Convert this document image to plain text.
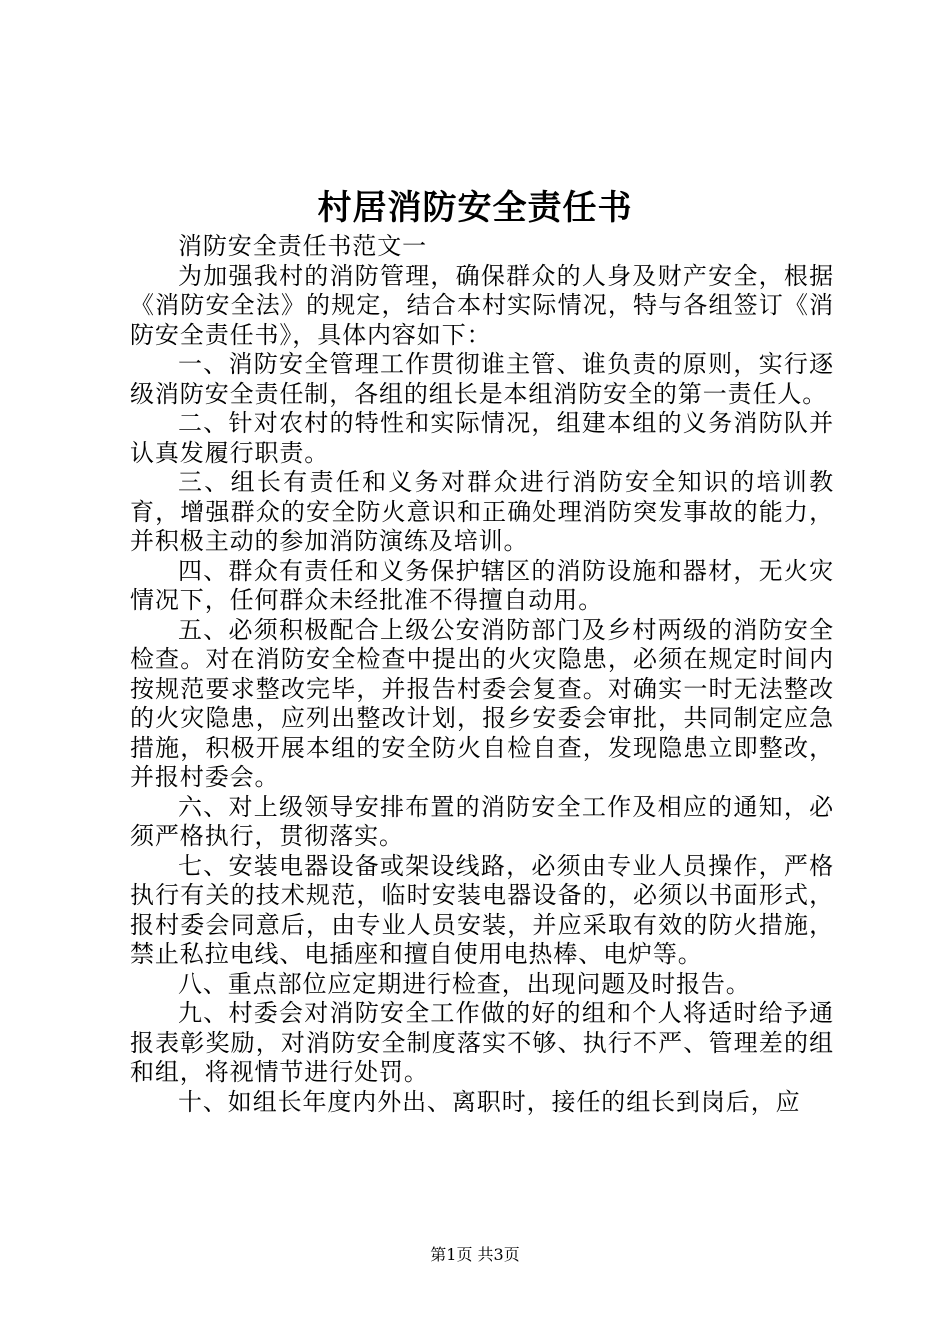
村居消防安全责任书

消防安全责任书范文一

为加强我村的消防管理，确保群众的人身及财产安全，根据《消防安全法》的规定，结合本村实际情况，特与各组签订《消防安全责任书》，具体内容如下：

一、消防安全管理工作贯彻谁主管、谁负责的原则，实行逐级消防安全责任制，各组的组长是本组消防安全的第一责任人。

二、针对农村的特性和实际情况，组建本组的义务消防队并认真发履行职责。

三、组长有责任和义务对群众进行消防安全知识的培训教育，增强群众的安全防火意识和正确处理消防突发事故的能力，并积极主动的参加消防演练及培训。

四、群众有责任和义务保护辖区的消防设施和器材，无火灾情况下，任何群众未经批准不得擅自动用。

五、必须积极配合上级公安消防部门及乡村两级的消防安全检查。对在消防安全检查中提出的火灾隐患，必须在规定时间内按规范要求整改完毕，并报告村委会复查。对确实一时无法整改的火灾隐患，应列出整改计划，报乡安委会审批，共同制定应急措施，积极开展本组的安全防火自检自查，发现隐患立即整改，并报村委会。

六、对上级领导安排布置的消防安全工作及相应的通知，必须严格执行，贯彻落实。

七、安装电器设备或架设线路，必须由专业人员操作，严格执行有关的技术规范，临时安装电器设备的，必须以书面形式，报村委会同意后，由专业人员安装，并应采取有效的防火措施，禁止私拉电线、电插座和擅自使用电热棒、电炉等。

八、重点部位应定期进行检查，出现问题及时报告。

九、村委会对消防安全工作做的好的组和个人将适时给予通报表彰奖励，对消防安全制度落实不够、执行不严、管理差的组和组，将视情节进行处罚。

十、如组长年度内外出、离职时，接任的组长到岗后，应

第1页 共3页
